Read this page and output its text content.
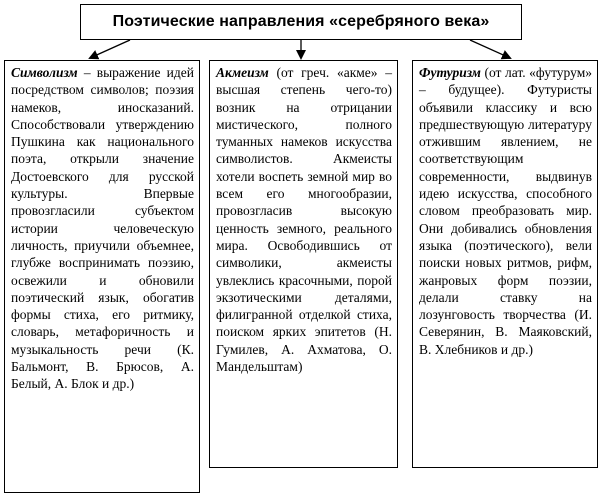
Поэтические направления «серебряного века»
Символизм – выражение идей посредством символов; поэзия намеков, иносказаний. Способствовали утверждению Пушкина как национального поэта, открыли значение Достоевского для русской культуры. Впервые провозгласили субъектом истории человеческую личность, приучили объемнее, глубже воспринимать поэзию, освежили и обновили поэтический язык, обогатив формы стиха, его ритмику, словарь, метафоричность и музыкальность речи (К. Бальмонт, В. Брюсов, А. Белый, А. Блок и др.)
Акмеизм (от греч. «акме» – высшая степень чего-то) возник на отрицании мистического, полного туманных намеков искусства символистов. Акмеисты хотели воспеть земной мир во всем его многообразии, провозгласив высокую ценность земного, реального мира. Освободившись от символики, акмеисты увлеклись красочными, порой экзотическими деталями, филигранной отделкой стиха, поиском ярких эпитетов (Н. Гумилев, А. Ахматова, О. Мандельштам)
Футуризм (от лат. «футурум» – будущее). Футуристы объявили классику и всю предшествующую литературу отжившим явлением, не соответствующим современности, выдвинув идею искусства, способного словом преобразовать мир. Они добивались обновления языка (поэтического), вели поиски новых ритмов, рифм, жанровых форм поэзии, делали ставку на лозунговость творчества (И. Северянин, В. Маяковский, В. Хлебников и др.)
